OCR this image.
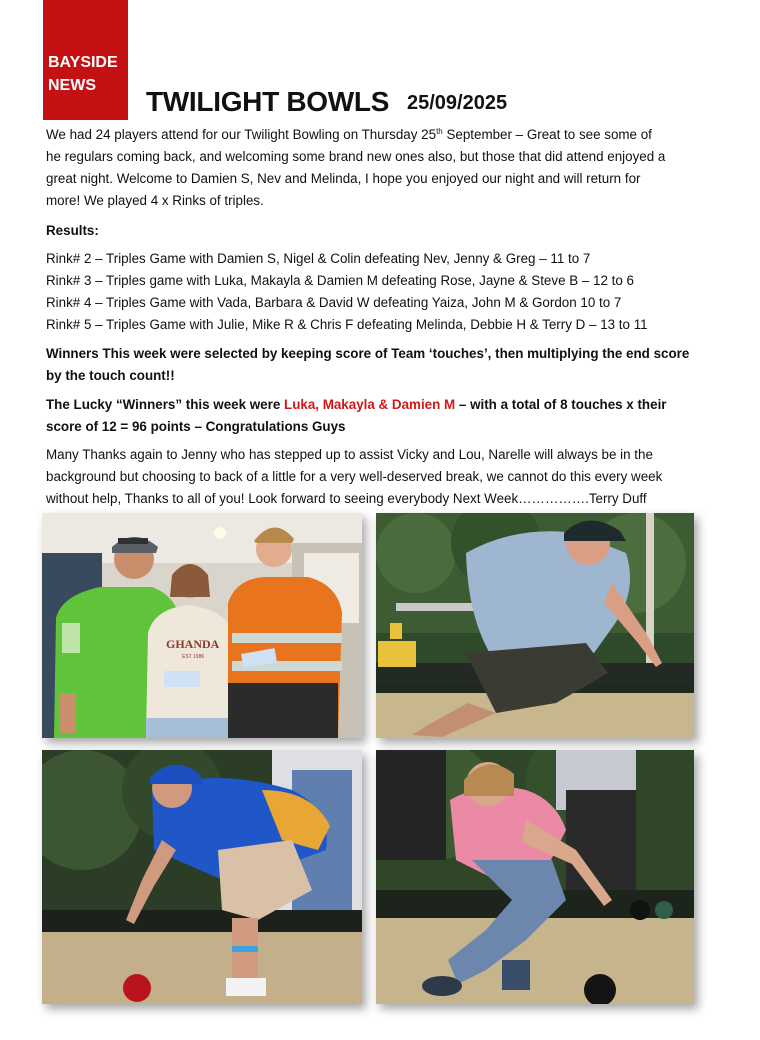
BAYSIDE
NEWS
TWILIGHT BOWLS 25/09/2025
We had 24 players attend for our Twilight Bowling on Thursday 25th September – Great to see some of
he regulars coming back, and welcoming some brand new ones also, but those that did attend enjoyed a
great night. Welcome to Damien S, Nev and Melinda, I hope you enjoyed our night and will return for
more! We played 4 x Rinks of triples.
Results:
Rink# 2 – Triples Game with Damien S, Nigel & Colin defeating Nev, Jenny & Greg – 11 to 7
Rink# 3 – Triples game with Luka, Makayla & Damien M defeating Rose, Jayne & Steve B – 12 to 6
Rink# 4 – Triples Game with Vada, Barbara & David W defeating Yaiza, John M & Gordon 10 to 7
Rink# 5 – Triples Game with Julie, Mike R & Chris F defeating Melinda, Debbie H & Terry D – 13 to 11
Winners This week were selected by keeping score of Team ‘touches’, then multiplying the end score
by the touch count!!
The Lucky “Winners” this week were Luka, Makayla & Damien M – with a total of 8 touches x their
score of 12 = 96 points – Congratulations Guys
Many Thanks again to Jenny who has stepped up to assist Vicky and Lou, Narelle will always be in the
background but choosing to back of a little for a very well-deserved break, we cannot do this every week
without help, Thanks to all of you! Look forward to seeing everybody Next Week…………….Terry Duff
GHANDA
EST 1986
